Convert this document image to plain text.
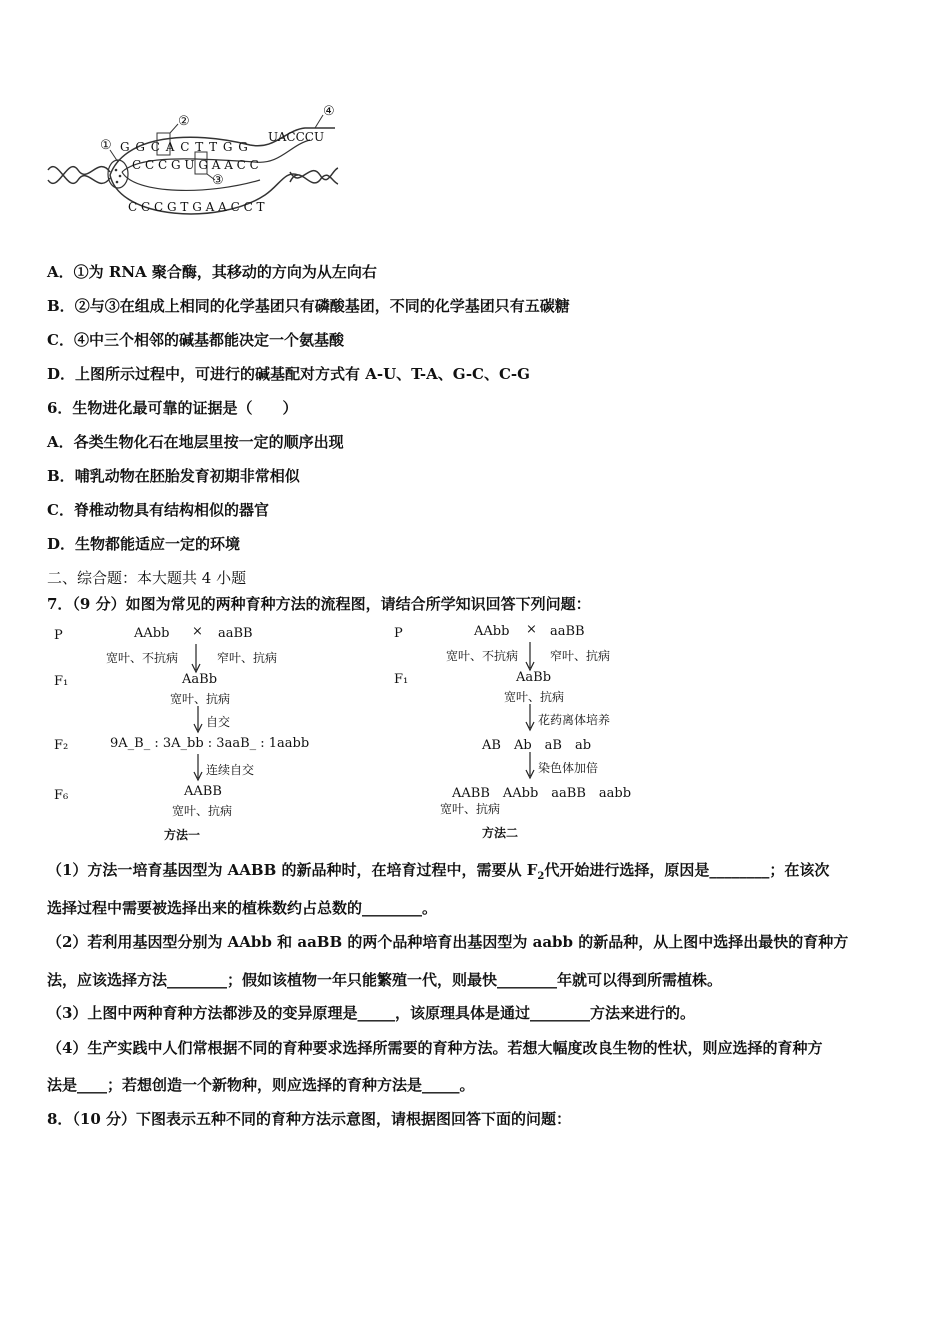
①
②
③
④
G G C A C T T G G
C C C G U G A A C C
C C C G T G A A C C T
UACCCU
A．①为 RNA 聚合酶，其移动的方向为从左向右
B．②与③在组成上相同的化学基团只有磷酸基团，不同的化学基团只有五碳糖
C．④中三个相邻的碱基都能决定一个氨基酸
D．上图所示过程中，可进行的碱基配对方式有 A-U、T-A、G-C、C-G
6．生物进化最可靠的证据是（　　）
A．各类生物化石在地层里按一定的顺序出现
B．哺乳动物在胚胎发育初期非常相似
C．脊椎动物具有结构相似的器官
D．生物都能适应一定的环境
二、综合题：本大题共 4 小题
7．（9 分）如图为常见的两种育种方法的流程图，请结合所学知识回答下列问题：
P	AAbb × aaBB
宽叶、不抗病	窄叶、抗病
F₁	AaBb
宽叶、抗病
自交
F₂	9A_B_ : 3A_bb : 3aaB_ : 1aabb
连续自交
F₆	AABB
宽叶、抗病
方法一
P	AAbb × aaBB
宽叶、不抗病	窄叶、抗病
F₁	AaBb
宽叶、抗病
花药离体培养
AB　Ab　aB　ab
染色体加倍
AABB　AAbb　aaBB　aabb
宽叶、抗病
方法二
（1）方法一培育基因型为 AABB 的新品种时，在培育过程中，需要从 $F_2$代开始进行选择，原因是________；在该次
选择过程中需要被选择出来的植株数约占总数的________。
（2）若利用基因型分别为 AAbb 和 aaBB 的两个品种培育出基因型为 aabb 的新品种，从上图中选择出最快的育种方
法，应该选择方法________；假如该植物一年只能繁殖一代，则最快________年就可以得到所需植株。
（3）上图中两种育种方法都涉及的变异原理是_____，该原理具体是通过________方法来进行的。
（4）生产实践中人们常根据不同的育种要求选择所需要的育种方法。若想大幅度改良生物的性状，则应选择的育种方
法是____；若想创造一个新物种，则应选择的育种方法是_____。
8．（10 分）下图表示五种不同的育种方法示意图，请根据图回答下面的问题：
